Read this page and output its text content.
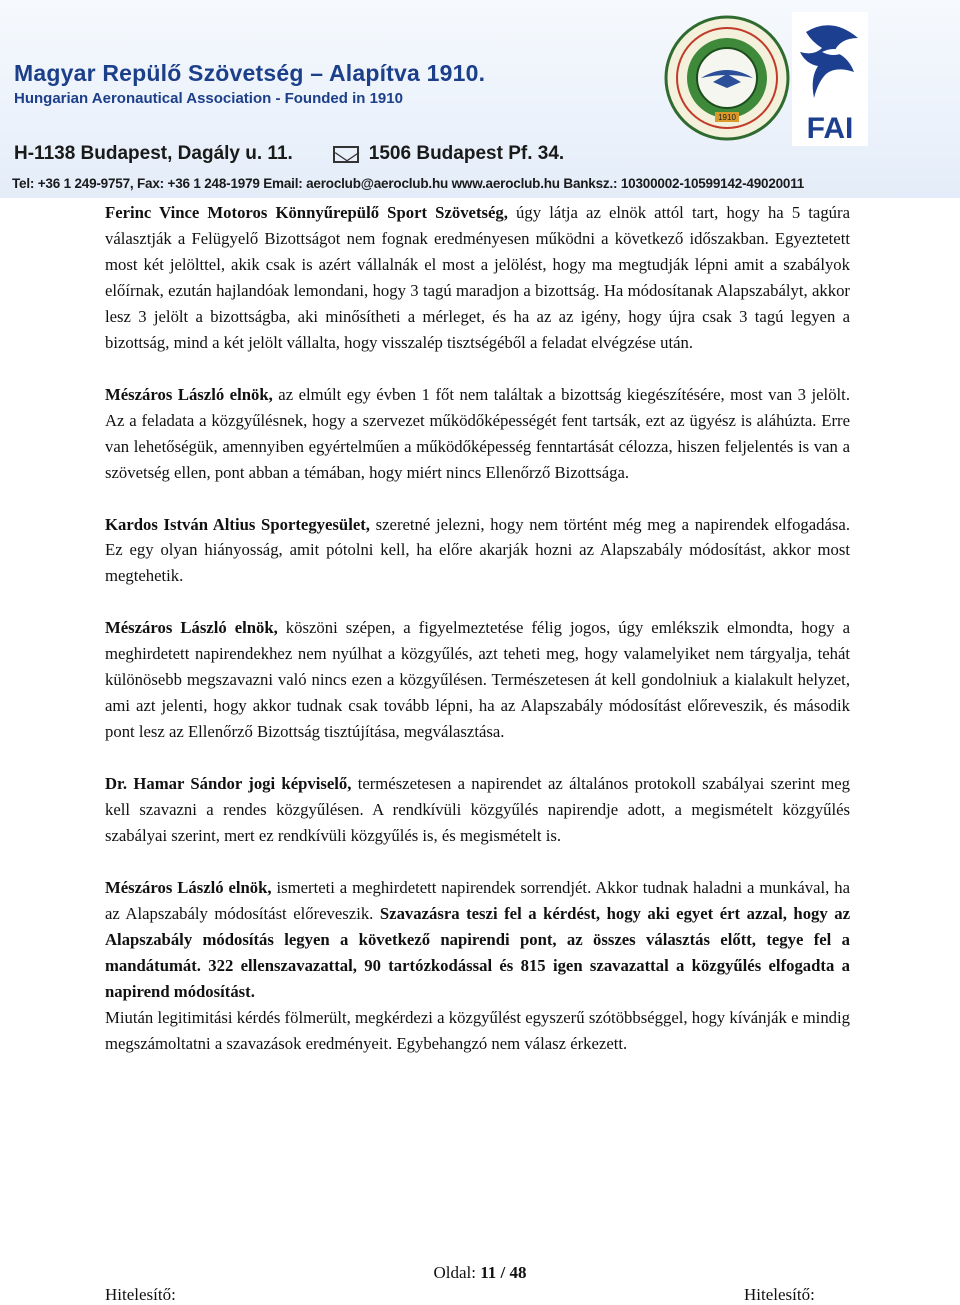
Magyar Repülő Szövetség – Alapítva 1910.
Hungarian Aeronautical Association - Founded in 1910
H-1138 Budapest, Dagály u. 11.	1506 Budapest Pf. 34.
Tel: +36 1 249-9757, Fax: +36 1 248-1979 Email: aeroclub@aeroclub.hu www.aeroclub.hu Banksz.: 10300002-10599142-49020011
1910 FAI

Ferinc Vince Motoros Könnyűrepülő Sport Szövetség, úgy látja az elnök attól tart, hogy ha 5 tagúra választják a Felügyelő Bizottságot nem fognak eredményesen működni a következő időszakban. Egyeztetett most két jelölttel, akik csak is azért vállalnák el most a jelölést, hogy ma megtudják lépni amit a szabályok előírnak, ezután hajlandóak lemondani, hogy 3 tagú maradjon a bizottság. Ha módosítanak Alapszabályt, akkor lesz 3 jelölt a bizottságba, aki minősítheti a mérleget, és ha az az igény, hogy újra csak 3 tagú legyen a bizottság, mind a két jelölt vállalta, hogy visszalép tisztségéből a feladat elvégzése után.

Mészáros László elnök, az elmúlt egy évben 1 főt nem találtak a bizottság kiegészítésére, most van 3 jelölt. Az a feladata a közgyűlésnek, hogy a szervezet működőképességét fent tartsák, ezt az ügyész is aláhúzta. Erre van lehetőségük, amennyiben egyértelműen a működőképesség fenntartását célozza, hiszen feljelentés is van a szövetség ellen, pont abban a témában, hogy miért nincs Ellenőrző Bizottsága.

Kardos István Altius Sportegyesület, szeretné jelezni, hogy nem történt még meg a napirendek elfogadása. Ez egy olyan hiányosság, amit pótolni kell, ha előre akarják hozni az Alapszabály módosítást, akkor most megtehetik.

Mészáros László elnök, köszöni szépen, a figyelmeztetése félig jogos, úgy emlékszik elmondta, hogy a meghirdetett napirendekhez nem nyúlhat a közgyűlés, azt teheti meg, hogy valamelyiket nem tárgyalja, tehát különösebb megszavazni való nincs ezen a közgyűlésen. Természetesen át kell gondolniuk a kialakult helyzet, ami azt jelenti, hogy akkor tudnak csak tovább lépni, ha az Alapszabály módosítást előreveszik, és második pont lesz az Ellenőrző Bizottság tisztújítása, megválasztása.

Dr. Hamar Sándor jogi képviselő, természetesen a napirendet az általános protokoll szabályai szerint meg kell szavazni a rendes közgyűlésen. A rendkívüli közgyűlés napirendje adott, a megismételt közgyűlés szabályai szerint, mert ez rendkívüli közgyűlés is, és megismételt is.

Mészáros László elnök, ismerteti a meghirdetett napirendek sorrendjét. Akkor tudnak haladni a munkával, ha az Alapszabály módosítást előreveszik. Szavazásra teszi fel a kérdést, hogy aki egyet ért azzal, hogy az Alapszabály módosítás legyen a következő napirendi pont, az összes választás előtt, tegye fel a mandátumát. 322 ellenszavazattal, 90 tartózkodással és 815 igen szavazattal a közgyűlés elfogadta a napirend módosítást.

Miután legitimitási kérdés fölmerült, megkérdezi a közgyűlést egyszerű szótöbbséggel, hogy kívánják e mindig megszámoltatni a szavazások eredményeit. Egybehangzó nem válasz érkezett.

Oldal: 11 / 48
Hitelesítő:	Hitelesítő:
